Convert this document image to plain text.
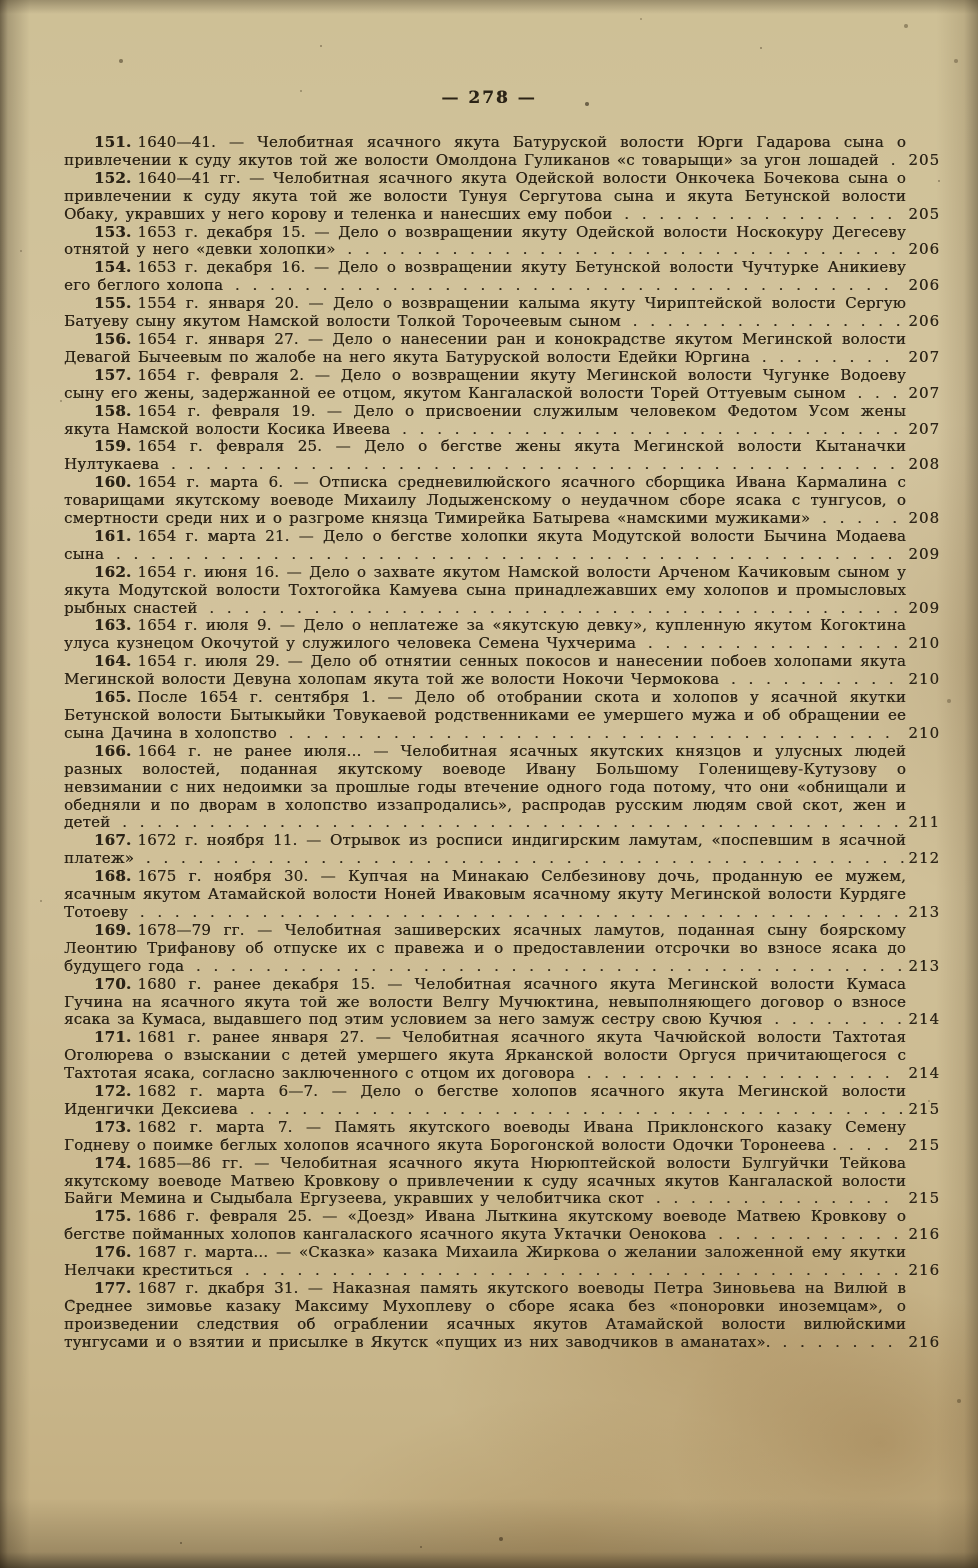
— 278 —
151. 1640—41. — Челобитная ясачного якута Батуруской волости Юрги Гадарова сына о привлечении к суду якутов той же волости Омолдона Гуликанов «с товарыщи» за угон лошадей . 205
152. 1640—41 гг. — Челобитная ясачного якута Одейской волости Онкочека Бочекова сына о привлечении к суду якута той же волости Тунуя Сергутова сына и якута Бетунской волости Обаку, укравших у него корову и теленка и нанесших ему побои . . . . . . . . . . . . . . . . 205
153. 1653 г. декабря 15. — Дело о возвращении якуту Одейской волости Носкокуру Дегесеву отнятой у него «девки холопки» . . . . . . . . . . . . . . . . . . . . . . . . . . . . . . . . 206
154. 1653 г. декабря 16. — Дело о возвращении якуту Бетунской волости Чучтурке Аникиеву его беглого холопа . . . . . . . . . . . . . . . . . . . . . . . . . . . . . . . . . . . . . . 206
155. 1554 г. января 20. — Дело о возвращении калыма якуту Чириптейской волости Сергую Батуеву сыну якутом Намской волости Толкой Торочеевым сыном . . . . . . . . . . . . . . . . 206
156. 1654 г. января 27. — Дело о нанесении ран и конокрадстве якутом Мегинской волости Девагой Бычеевым по жалобе на него якута Батуруской волости Едейки Юргина . . . . . . . . 207
157. 1654 г. февраля 2. — Дело о возвращении якуту Мегинской волости Чугунке Водоеву сыну его жены, задержанной ее отцом, якутом Кангалаской волости Торей Оттуевым сыном . . . 207
158. 1654 г. февраля 19. — Дело о присвоении служилым человеком Федотом Усом жены якута Намской волости Косика Ивеева . . . . . . . . . . . . . . . . . . . . . . . . . . . . . 207
159. 1654 г. февраля 25. — Дело о бегстве жены якута Мегинской волости Кытаначки Нултукаева . . . . . . . . . . . . . . . . . . . . . . . . . . . . . . . . . . . . . . . . . . 208
160. 1654 г. марта 6. — Отписка средневилюйского ясачного сборщика Ивана Кармалина с товарищами якутскому воеводе Михаилу Лодыженскому о неудачном сборе ясака с тунгусов, о смертности среди них и о разгроме князца Тимирейка Батырева «намскими мужиками» . . . . . 208
161. 1654 г. марта 21. — Дело о бегстве холопки якута Модутской волости Бычина Модаева сына . . . . . . . . . . . . . . . . . . . . . . . . . . . . . . . . . . . . . . . . . . . . . 209
162. 1654 г. июня 16. — Дело о захвате якутом Намской волости Арченом Качиковым сыном у якута Модутской волости Тохтогойка Камуева сына принадлежавших ему холопов и промысловых рыбных снастей . . . . . . . . . . . . . . . . . . . . . . . . . . . . . . . . . . . . . . . . 209
163. 1654 г. июля 9. — Дело о неплатеже за «якутскую девку», купленную якутом Когоктина улуса кузнецом Окочутой у служилого человека Семена Чухчерима . . . . . . . . . . . . . . . 210
164. 1654 г. июля 29. — Дело об отнятии сенных покосов и нанесении побоев холопами якута Мегинской волости Девуна холопам якута той же волости Нокочи Чермокова . . . . . . . . . . 210
165. После 1654 г. сентября 1. — Дело об отобрании скота и холопов у ясачной якутки Бетунской волости Бытыкыйки Товукаевой родственниками ее умершего мужа и об обращении ее сына Дачина в холопство . . . . . . . . . . . . . . . . . . . . . . . . . . . . . . . . . . . 210
166. 1664 г. не ранее июля... — Челобитная ясачных якутских князцов и улусных людей разных волостей, поданная якутскому воеводе Ивану Большому Голенищеву-Кутузову о невзимании с них недоимки за прошлые годы втечение одного года потому, что они «обнищали и обедняли и по дворам в холопство иззапродались», распродав русским людям свой скот, жен и детей . . . . . . . . . . . . . . . . . . . . . . . . . . . . . . . . . . . . . . . . . . . . . 211
167. 1672 г. ноября 11. — Отрывок из росписи индигирским ламутам, «поспевшим в ясачной платеж» . . . . . . . . . . . . . . . . . . . . . . . . . . . . . . . . . . . . . . . . . . . . 212
168. 1675 г. ноября 30. — Купчая на Минакаю Селбезинову дочь, проданную ее мужем, ясачным якутом Атамайской волости Ноней Иваковым ясачному якуту Мегинской волости Курдяге Тотоеву . . . . . . . . . . . . . . . . . . . . . . . . . . . . . . . . . . . . . . . . . . . . 213
169. 1678—79 гг. — Челобитная зашиверских ясачных ламутов, поданная сыну боярскому Леонтию Трифанову об отпуске их с правежа и о предоставлении отсрочки во взносе ясака до будущего года . . . . . . . . . . . . . . . . . . . . . . . . . . . . . . . . . . . . . . . . . 213
170. 1680 г. ранее декабря 15. — Челобитная ясачного якута Мегинской волости Кумаса Гучина на ясачного якута той же волости Велгу Мучюктина, невыполняющего договор о взносе ясака за Кумаса, выдавшего под этим условием за него замуж сестру свою Кучюя . . . . . . . . 214
171. 1681 г. ранее января 27. — Челобитная ясачного якута Чачюйской волости Тахтотая Оголюрева о взыскании с детей умершего якута Ярканской волости Оргуся причитающегося с Тахтотая ясака, согласно заключенного с отцом их договора . . . . . . . . . . . . . . . . . . 214
172. 1682 г. марта 6—7. — Дело о бегстве холопов ясачного якута Мегинской волости Иденгички Дексиева . . . . . . . . . . . . . . . . . . . . . . . . . . . . . . . . . . . . . . 215
173. 1682 г. марта 7. — Память якутского воеводы Ивана Приклонского казаку Семену Годневу о поимке беглых холопов ясачного якута Борогонской волости Одочки Торонеева . . . . 215
174. 1685—86 гг. — Челобитная ясачного якута Нюрюптейской волости Булгуйчки Тейкова якутскому воеводе Матвею Кровкову о привлечении к суду ясачных якутов Кангалаской волости Байги Мемина и Сыдыбала Ергузеева, укравших у челобитчика скот . . . . . . . . . . . . . . 215
175. 1686 г. февраля 25. — «Доезд» Ивана Лыткина якутскому воеводе Матвею Кровкову о бегстве пойманных холопов кангалаского ясачного якута Уктачки Оенокова . . . . . . . . . . . 216
176. 1687 г. марта... — «Сказка» казака Михаила Жиркова о желании заложенной ему якутки Нелчаки креститься . . . . . . . . . . . . . . . . . . . . . . . . . . . . . . . . . . . . . . 216
177. 1687 г. дкабря 31. — Наказная память якутского воеводы Петра Зиновьева на Вилюй в Среднее зимовье казаку Максиму Мухоплеву о сборе ясака без «поноровки иноземцам», о произведении следствия об ограблении ясачных якутов Атамайской волости вилюйскими тунгусами и о взятии и присылке в Якутск «пущих из них заводчиков в аманатах». . . . . . . . 216
